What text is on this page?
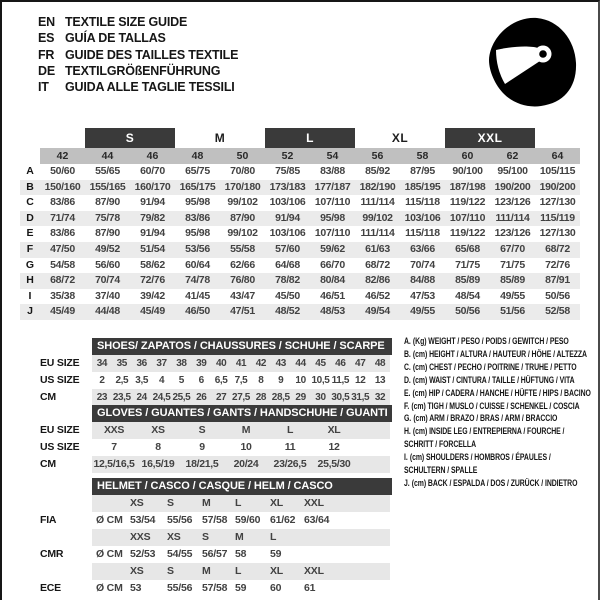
EN TEXTILE SIZE GUIDE
ES GUÍA DE TALLAS
FR GUIDE DES TAILLES TEXTILE
DE TEXTILGRÖßENFÜHRUNG
IT	GUIDA ALLE TAGLIE TESSILI
S	M	L	XL	XXL
42	44	46	48	50	52	54	56	58	60	62	64
A	50/60	55/65	60/70	65/75	70/80	75/85	83/88	85/92	87/95	90/100	95/100	105/115
B	150/160 155/165 160/170 165/175 170/180 173/183 177/187 182/190 185/195 187/198 190/200 190/200
C	83/86	87/90	91/94	95/98	99/102	103/106 107/110 111/114	115/118 119/122 123/126 127/130
D	71/74	75/78	79/82	83/86	87/90	91/94	95/98	99/102	103/106 107/110 111/114	115/119
E	83/86	87/90	91/94	95/98	99/102	103/106 107/110 111/114	115/118 119/122 123/126 127/130
F	47/50	49/52	51/54	53/56	55/58	57/60	59/62	61/63	63/66	65/68	67/70	68/72
G	54/58	56/60	58/62	60/64	62/66	64/68	66/70	68/72	70/74	71/75	71/75	72/76
H	68/72	70/74	72/76	74/78	76/80	78/82	80/84	82/86	84/88	85/89	85/89	87/91
I	35/38	37/40	39/42	41/45	43/47	45/50	46/51	46/52	47/53	48/54	49/55	50/56
J	45/49	44/48	45/49	46/50	47/51	48/52	48/53	49/54	49/55	50/56	51/56	52/58
SHOES/ ZAPATOS / CHAUSSURES / SCHUHE / SCARPE
EU SIZE	34 35 36 37 38 39 40 41 42 43 44 45 46 47 48
US SIZE	2	2,5 3,5	4	5	6	6,5 7,5	8	9	10 10,5 11,5 12 13
CM	23 23,5 24 24,5 25,5 26 27 27,5 28 28,5 29 30 30,5 31,5 32
GLOVES / GUANTES / GANTS / HANDSCHUHE / GUANTI
EU SIZE	XXS	XS	S	M	L	XL
US SIZE	7	8	9	10	11	12
CM	12,5/16,5 16,5/19	18/21,5	20/24	23/26,5	25,5/30
HELMET / CASCO / CASQUE / HELM / CASCO
XS	S	M	L	XL	XXL
FIA	Ø CM 53/54	55/56 57/58 59/60 61/62 63/64
XXS	XS	S	M	L
CMR	Ø CM 52/53	54/55 56/57 58	59
XS	S	M	L	XL	XXL
ECE	Ø CM 53	55/56 57/58 59	60	61
A. (Kg) WEIGHT / PESO / POIDS / GEWITCH / PESO
B. (cm) HEIGHT / ALTURA / HAUTEUR / HÖHE / ALTEZZA
C. (cm) CHEST / PECHO / POITRINE / TRUHE / PETTO
D. (cm) WAIST / CINTURA / TAILLE / HÜFTUNG / VITA
E. (cm) HIP / CADERA / HANCHE / HÜFTE / HIPS / BACINO
F. (cm) TIGH / MUSLO / CUISSE / SCHENKEL / COSCIA
G. (cm) ARM / BRAZO / BRAS / ARM / BRACCIO
H. (cm) INSIDE LEG / ENTREPIERNA / FOURCHE /
SCHRITT / FORCELLA
I. (cm) SHOULDERS / HOMBROS / ÉPAULES /
SCHULTERN / SPALLE
J. (cm) BACK / ESPALDA / DOS / ZURÜCK / INDIETRO
